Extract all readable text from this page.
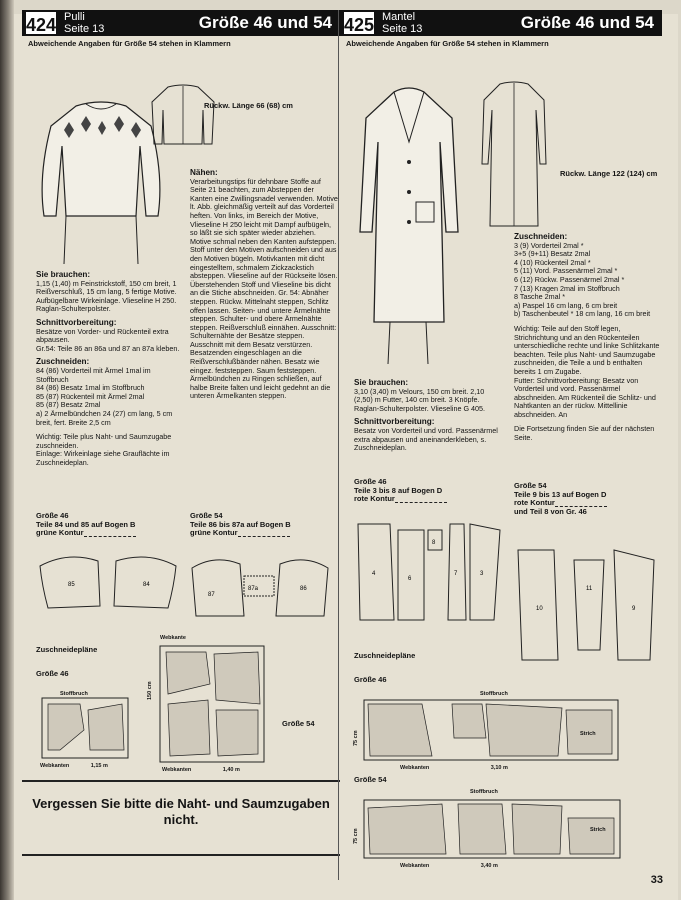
424 Pulli
Seite 13	Größe 46 und 54
Abweichende Angaben für Größe 54 stehen in Klammern
Rückw. Länge 66 (68) cm
Sie brauchen:
1,15 (1,40) m Feinstrickstoff, 150 cm breit, 1 Reißverschluß, 15 cm lang, 5 fertige Motive. Aufbügelbare Wirkeinlage. Vlieseline H 250. Raglan-Schulterpolster.
Schnittvorbereitung:
Besätze von Vorder- und Rückenteil extra abpausen.
Gr.54: Teile 86 an 86a und 87 an 87a kleben.
Zuschneiden:
84 (86) Vorderteil mit Ärmel 1mal im Stoffbruch
84 (86) Besatz 1mal im Stoffbruch
85 (87) Rückenteil mit Ärmel 2mal
85 (87) Besatz 2mal
a) 2 Ärmelbündchen 24 (27) cm lang, 5 cm breit, fert. Breite 2,5 cm
Wichtig: Teile plus Naht- und Saumzugabe zuschneiden.
Einlage: Wirkeinlage siehe Grauflächte im Zuschneideplan.
Nähen:
Verarbeitungstips für dehnbare Stoffe auf Seite 21 beachten, zum Absteppen der Kanten eine Zwillingsnadel verwenden. Motive lt. Abb. gleichmäßig verteilt auf das Vorderteil heften. Von links, im Bereich der Motive, Vlieseline H 250 leicht mit Dampf aufbügeln, so läßt sie sich später wieder abziehen. Motive schmal neben den Kanten aufsteppen. Stoff unter den Motiven aufschneiden und aus den Motiven bügeln. Motivkanten mit dicht eingestelltem, schmalem Zickzackstich absteppen. Vlieseline auf der Rückseite lösen. Überstehenden Stoff und Vlieseline bis dicht an die Stiche abschneiden. Gr. 54: Abnäher steppen. Rückw. Mittelnaht steppen, Schlitz offen lassen. Seiten- und untere Ärmelnähte steppen. Schulter- und obere Ärmelnähte steppen. Reißverschluß einnähen. Ausschnitt: Schulternähte der Besätze steppen. Ausschnitt mit dem Besatz verstürzen. Besatzenden eingeschlagen an die Reißverschlußbänder nähen. Besatz wie eingez. feststeppen. Saum feststeppen. Ärmelbündchen zu Ringen schließen, auf halbe Breite falten und leicht gedehnt an die unteren Ärmelkanten steppen.
Größe 46
Teile 84 und 85 auf Bogen B
grüne Kontur
Größe 54
Teile 86 bis 87a auf Bogen B
grüne Kontur
85	84
87
87a	86
Zuschneidepläne
Größe 46
Größe 54
Stoffbruch
Webkanten	1,15 m
Webkante
150 cm
Webkanten	1,40 m

Vergessen Sie bitte die Naht- und Saumzugaben nicht.

425 Mantel
Seite 13	Größe 46 und 54
Abweichende Angaben für Größe 54 stehen in Klammern
Rückw. Länge 122 (124) cm
Zuschneiden:
3 (9) Vorderteil 2mal *
3+5 (9+11) Besatz 2mal
4 (10) Rückenteil 2mal *
5 (11) Vord. Passenärmel 2mal *
6 (12) Rückw. Passenärmel 2mal *
7 (13) Kragen 2mal im Stoffbruch
8 Tasche 2mal *
a) Paspel 16 cm lang, 6 cm breit
b) Taschenbeutel * 18 cm lang, 16 cm breit
Wichtig: Teile auf den Stoff legen, Strichrichtung und an den Rückenteilen unterschiedliche rechte und linke Schlitzkante beachten. Teile plus Naht- und Saumzugabe zuschneiden, die Teile a und b enthalten bereits 1 cm Zugabe.
Futter: Schnittvorbereitung: Besatz von Vorderteil und vord. Passenärmel abschneiden. Am Rückenteil die Schlitz- und Nahtkanten an der rückw. Mittellinie abschneiden. An
Die Fortsetzung finden Sie auf der nächsten Seite.
Sie brauchen:
3,10 (3,40) m Velours, 150 cm breit. 2,10 (2,50) m Futter, 140 cm breit. 3 Knöpfe. Raglan-Schulterpolster. Vlieseline G 405.
Schnittvorbereitung:
Besatz von Vorderteil und vord. Passenärmel extra abpausen und aneinanderkleben, s. Zuschneideplan.
Größe 46
Teile 3 bis 8 auf Bogen D
rote Kontur
Größe 54
Teile 9 bis 13 auf Bogen D
rote Kontur
und Teil 8 von Gr. 46
4
6
8
7	3
10
11
9
Zuschneidepläne
Größe 46
Stoffbruch
75 cm	Strich
Webkanten	3,10 m
Größe 54
Stoffbruch
75 cm	Strich
Webkanten	3,40 m
33
